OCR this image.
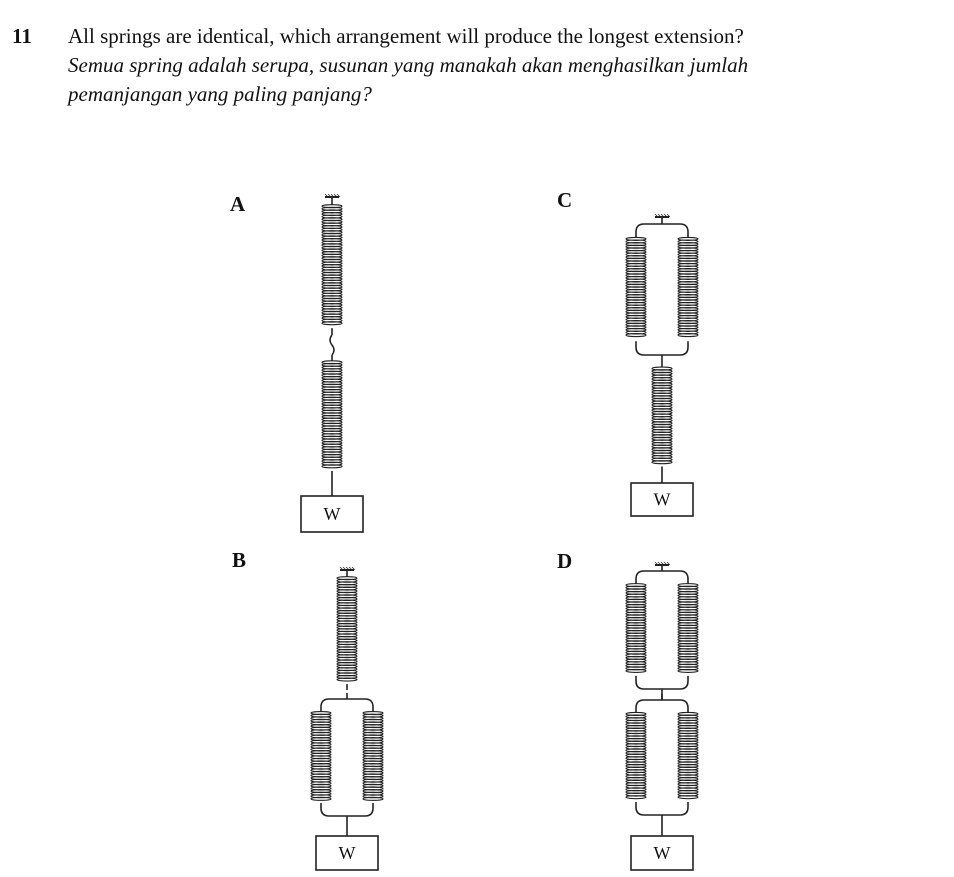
11 All springs are identical, which arrangement will produce the longest extension?
Semua spring adalah serupa, susunan yang manakah akan menghasilkan jumlah
pemanjangan yang paling panjang?
A	C
B	D
W
W
W
W
